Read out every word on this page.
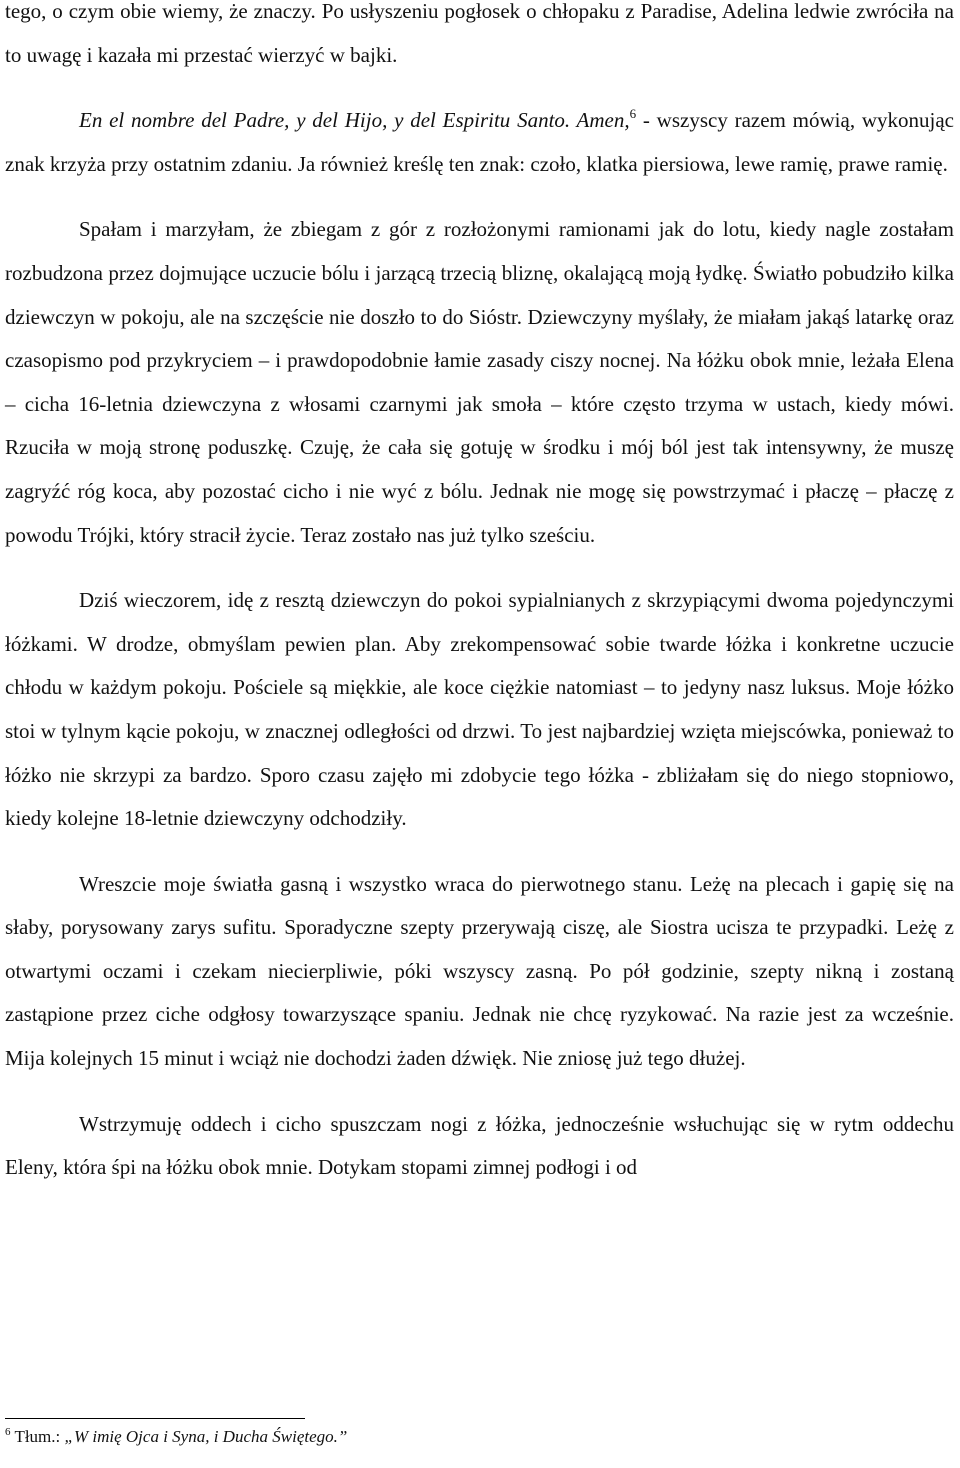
tego, o czym obie wiemy, że znaczy. Po usłyszeniu pogłosek o chłopaku z Paradise, Adelina ledwie zwróciła na to uwagę i kazała mi przestać wierzyć w bajki.

En el nombre del Padre, y del Hijo, y del Espiritu Santo. Amen,$^6$ - wszyscy razem mówią, wykonując znak krzyża przy ostatnim zdaniu. Ja również kreślę ten znak: czoło, klatka piersiowa, lewe ramię, prawe ramię.

Spałam i marzyłam, że zbiegam z gór z rozłożonymi ramionami jak do lotu, kiedy nagle zostałam rozbudzona przez dojmujące uczucie bólu i jarzącą trzecią bliznę, okalającą moją łydkę. Światło pobudziło kilka dziewczyn w pokoju, ale na szczęście nie doszło to do Sióstr. Dziewczyny myślały, że miałam jakąś latarkę oraz czasopismo pod przykryciem – i prawdopodobnie łamie zasady ciszy nocnej. Na łóżku obok mnie, leżała Elena – cicha 16-letnia dziewczyna z włosami czarnymi jak smoła – które często trzyma w ustach, kiedy mówi. Rzuciła w moją stronę poduszkę. Czuję, że cała się gotuję w środku i mój ból jest tak intensywny, że muszę zagryźć róg koca, aby pozostać cicho i nie wyć z bólu. Jednak nie mogę się powstrzymać i płaczę – płaczę z powodu Trójki, który stracił życie. Teraz zostało nas już tylko sześciu.

Dziś wieczorem, idę z resztą dziewczyn do pokoi sypialnianych z skrzypiącymi dwoma pojedynczymi łóżkami. W drodze, obmyślam pewien plan. Aby zrekompensować sobie twarde łóżka i konkretne uczucie chłodu w każdym pokoju. Pościele są miękkie, ale koce ciężkie natomiast – to jedyny nasz luksus. Moje łóżko stoi w tylnym kącie pokoju, w znacznej odległości od drzwi. To jest najbardziej wzięta miejscówka, ponieważ to łóżko nie skrzypi za bardzo. Sporo czasu zajęło mi zdobycie tego łóżka - zbliżałam się do niego stopniowo, kiedy kolejne 18-letnie dziewczyny odchodziły.

Wreszcie moje światła gasną i wszystko wraca do pierwotnego stanu. Leżę na plecach i gapię się na słaby, porysowany zarys sufitu. Sporadyczne szepty przerywają ciszę, ale Siostra ucisza te przypadki. Leżę z otwartymi oczami i czekam niecierpliwie, póki wszyscy zasną. Po pół godzinie, szepty nikną i zostaną zastąpione przez ciche odgłosy towarzyszące spaniu. Jednak nie chcę ryzykować. Na razie jest za wcześnie. Mija kolejnych 15 minut i wciąż nie dochodzi żaden dźwięk. Nie zniosę już tego dłużej.

Wstrzymuję oddech i cicho spuszczam nogi z łóżka, jednocześnie wsłuchując się w rytm oddechu Eleny, która śpi na łóżku obok mnie. Dotykam stopami zimnej podłogi i od

$^6$ Tłum.: „W imię Ojca i Syna, i Ducha Świętego.”
